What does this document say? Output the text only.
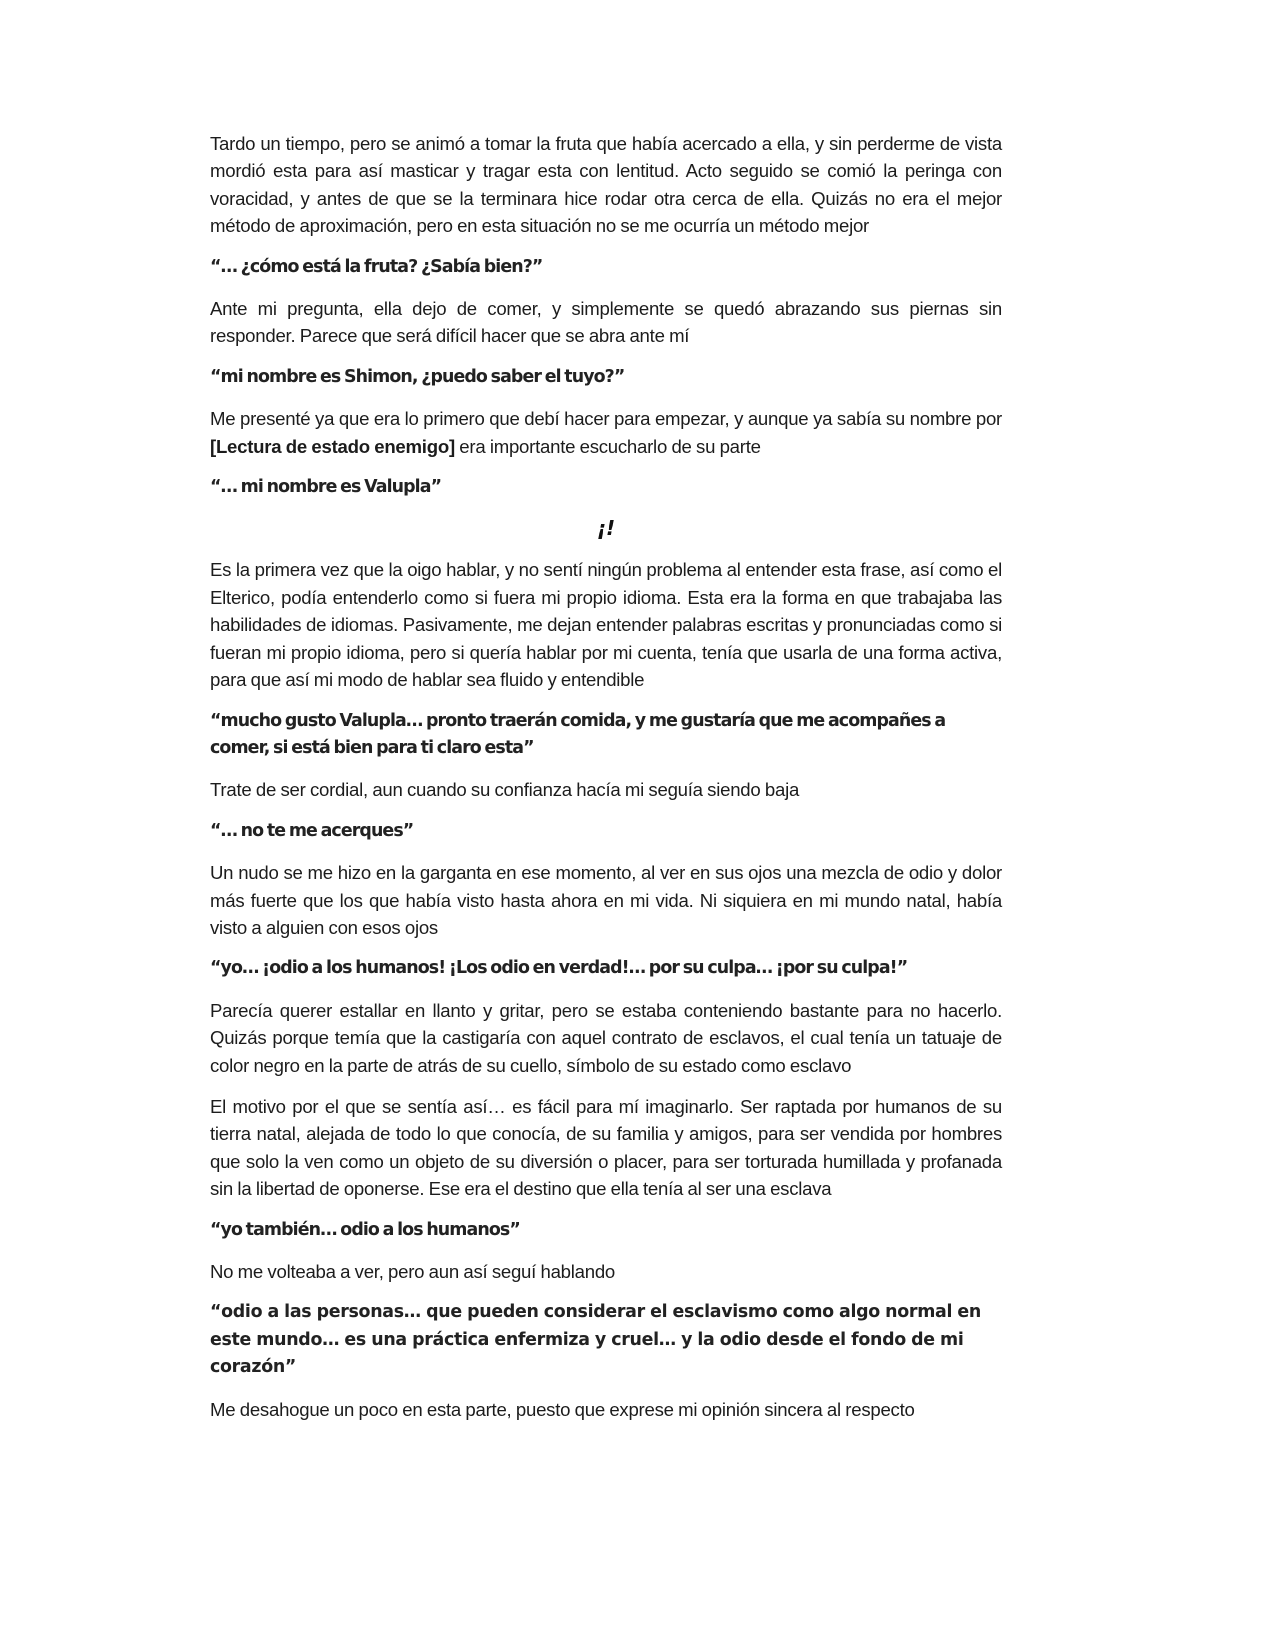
Tardo un tiempo, pero se animó a tomar la fruta que había acercado a ella, y sin perderme de vista mordió esta para así masticar y tragar esta con lentitud. Acto seguido se comió la peringa con voracidad, y antes de que se la terminara hice rodar otra cerca de ella. Quizás no era el mejor método de aproximación, pero en esta situación no se me ocurría un método mejor

“… ¿cómo está la fruta? ¿Sabía bien?”

Ante mi pregunta, ella dejo de comer, y simplemente se quedó abrazando sus piernas sin responder. Parece que será difícil hacer que se abra ante mí

“mi nombre es Shimon, ¿puedo saber el tuyo?”

Me presenté ya que era lo primero que debí hacer para empezar, y aunque ya sabía su nombre por [Lectura de estado enemigo] era importante escucharlo de su parte

“… mi nombre es Valupla”

¡!

Es la primera vez que la oigo hablar, y no sentí ningún problema al entender esta frase, así como el Elterico, podía entenderlo como si fuera mi propio idioma. Esta era la forma en que trabajaba las habilidades de idiomas. Pasivamente, me dejan entender palabras escritas y pronunciadas como si fueran mi propio idioma, pero si quería hablar por mi cuenta, tenía que usarla de una forma activa, para que así mi modo de hablar sea fluido y entendible

“mucho gusto Valupla… pronto traerán comida, y me gustaría que me acompañes a comer, si está bien para ti claro esta”

Trate de ser cordial, aun cuando su confianza hacía mi seguía siendo baja

“… no te me acerques”

Un nudo se me hizo en la garganta en ese momento, al ver en sus ojos una mezcla de odio y dolor más fuerte que los que había visto hasta ahora en mi vida. Ni siquiera en mi mundo natal, había visto a alguien con esos ojos

“yo… ¡odio a los humanos! ¡Los odio en verdad!… por su culpa… ¡por su culpa!”

Parecía querer estallar en llanto y gritar, pero se estaba conteniendo bastante para no hacerlo. Quizás porque temía que la castigaría con aquel contrato de esclavos, el cual tenía un tatuaje de color negro en la parte de atrás de su cuello, símbolo de su estado como esclavo

El motivo por el que se sentía así… es fácil para mí imaginarlo. Ser raptada por humanos de su tierra natal, alejada de todo lo que conocía, de su familia y amigos, para ser vendida por hombres que solo la ven como un objeto de su diversión o placer, para ser torturada humillada y profanada sin la libertad de oponerse. Ese era el destino que ella tenía al ser una esclava

“yo también… odio a los humanos”

No me volteaba a ver, pero aun así seguí hablando

“odio a las personas… que pueden considerar el esclavismo como algo normal en este mundo… es una práctica enfermiza y cruel… y la odio desde el fondo de mi corazón”

Me desahogue un poco en esta parte, puesto que exprese mi opinión sincera al respecto
